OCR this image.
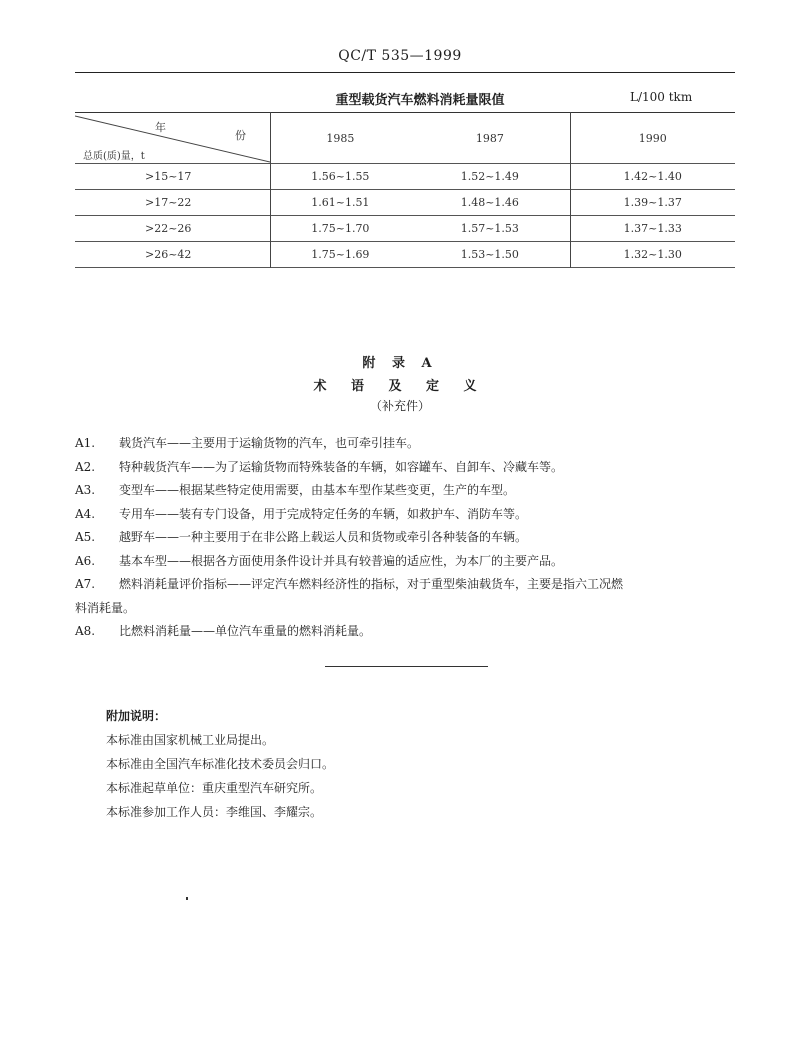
QC/T 535—1999
重型载货汽车燃料消耗量限值	L/100 tkm
年
份
总质(质)量，t	1985	1987	1990
>15~17	1.56~1.55	1.52~1.49	1.42~1.40
>17~22	1.61~1.51	1.48~1.46	1.39~1.37
>22~26	1.75~1.70	1.57~1.53	1.37~1.33
>26~42	1.75~1.69	1.53~1.50	1.32~1.30
附 录 A
术 语 及 定 义
（补充件）
A1.	载货汽车——主要用于运输货物的汽车，也可牵引挂车。
A2.	特种载货汽车——为了运输货物而特殊装备的车辆，如容罐车、自卸车、冷藏车等。
A3.	变型车——根据某些特定使用需要，由基本车型作某些变更，生产的车型。
A4.	专用车——装有专门设备，用于完成特定任务的车辆，如救护车、消防车等。
A5.	越野车——一种主要用于在非公路上载运人员和货物或牵引各种装备的车辆。
A6.	基本车型——根据各方面使用条件设计并具有较普遍的适应性，为本厂的主要产品。
A7.	燃料消耗量评价指标——评定汽车燃料经济性的指标，对于重型柴油载货车，主要是指六工况燃
料消耗量。
A8.	比燃料消耗量——单位汽车重量的燃料消耗量。
附加说明：
本标准由国家机械工业局提出。
本标准由全国汽车标准化技术委员会归口。
本标准起草单位：重庆重型汽车研究所。
本标准参加工作人员：李维国、李耀宗。
